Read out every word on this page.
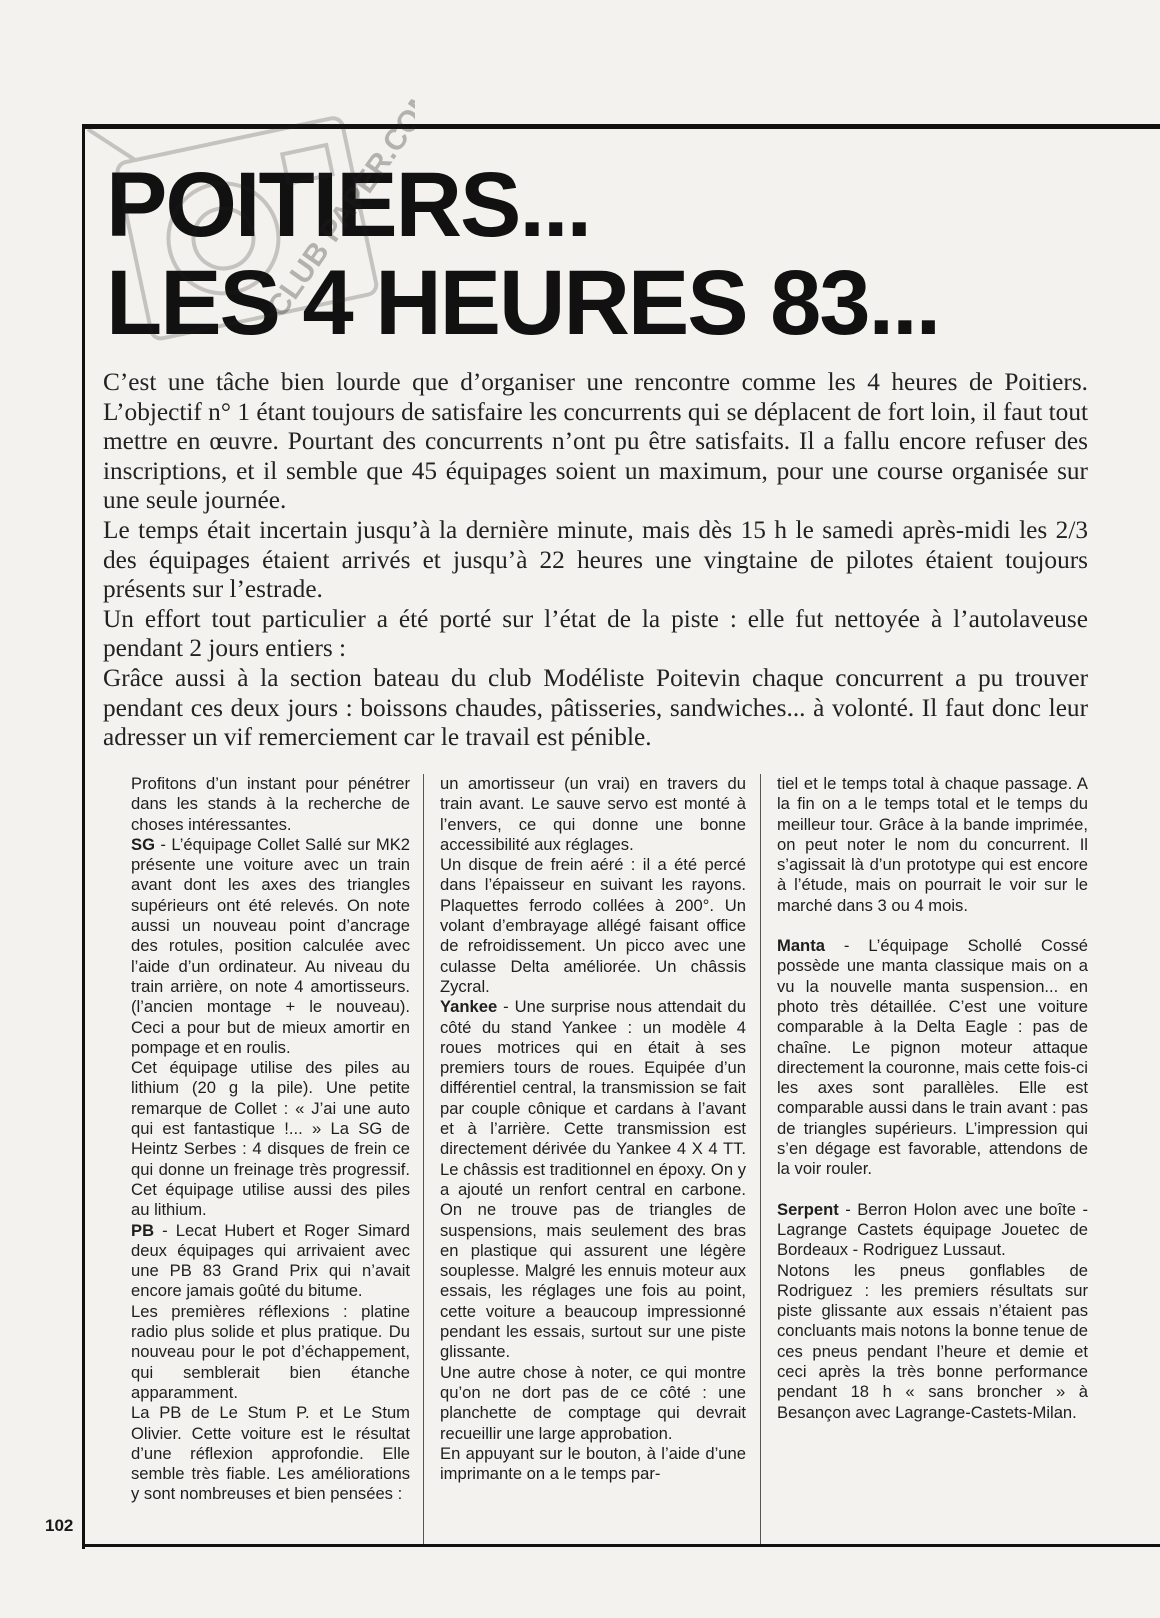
POITIERS...
LES 4 HEURES 83...
CLUB PAPER.COM

C’est une tâche bien lourde que d’organiser une rencontre comme les 4 heures de Poitiers. L’objectif n° 1 étant toujours de satisfaire les concurrents qui se déplacent de fort loin, il faut tout mettre en œuvre. Pourtant des concurrents n’ont pu être satisfaits. Il a fallu encore refuser des inscriptions, et il semble que 45 équipages soient un maximum, pour une course organisée sur une seule journée.

Le temps était incertain jusqu’à la dernière minute, mais dès 15 h le samedi après-midi les 2/3 des équipages étaient arrivés et jusqu’à 22 heures une vingtaine de pilotes étaient toujours présents sur l’estrade.

Un effort tout particulier a été porté sur l’état de la piste : elle fut nettoyée à l’autolaveuse pendant 2 jours entiers :

Grâce aussi à la section bateau du club Modéliste Poitevin chaque concurrent a pu trouver pendant ces deux jours : boissons chaudes, pâtisseries, sandwiches... à volonté. Il faut donc leur adresser un vif remerciement car le travail est pénible.

Profitons d’un instant pour pénétrer dans les stands à la recherche de choses intéressantes.

SG - L’équipage Collet Sallé sur MK2 présente une voiture avec un train avant dont les axes des triangles supérieurs ont été relevés. On note aussi un nouveau point d’ancrage des rotules, position calculée avec l’aide d’un ordinateur. Au niveau du train arrière, on note 4 amortisseurs. (l’ancien montage + le nouveau). Ceci a pour but de mieux amortir en pompage et en roulis.

Cet équipage utilise des piles au lithium (20 g la pile). Une petite remarque de Collet : « J’ai une auto qui est fantastique !... » La SG de Heintz Serbes : 4 disques de frein ce qui donne un freinage très progressif. Cet équipage utilise aussi des piles au lithium.

PB - Lecat Hubert et Roger Simard deux équipages qui arrivaient avec une PB 83 Grand Prix qui n’avait encore jamais goûté du bitume.

Les premières réflexions : platine radio plus solide et plus pratique. Du nouveau pour le pot d’échappement, qui semblerait bien étanche apparamment.

La PB de Le Stum P. et Le Stum Olivier. Cette voiture est le résultat d’une réflexion approfondie. Elle semble très fiable. Les améliorations y sont nombreuses et bien pensées :

un amortisseur (un vrai) en travers du train avant. Le sauve servo est monté à l’envers, ce qui donne une bonne accessibilité aux réglages.

Un disque de frein aéré : il a été percé dans l’épaisseur en suivant les rayons. Plaquettes ferrodo collées à 200°. Un volant d’embrayage allégé faisant office de refroidissement. Un picco avec une culasse Delta améliorée. Un châssis Zycral.

Yankee - Une surprise nous attendait du côté du stand Yankee : un modèle 4 roues motrices qui en était à ses premiers tours de roues. Equipée d’un différentiel central, la transmission se fait par couple cônique et cardans à l’avant et à l’arrière. Cette transmission est directement dérivée du Yankee 4 X 4 TT. Le châssis est traditionnel en époxy. On y a ajouté un renfort central en carbone. On ne trouve pas de triangles de suspensions, mais seulement des bras en plastique qui assurent une légère souplesse. Malgré les ennuis moteur aux essais, les réglages une fois au point, cette voiture a beaucoup impressionné pendant les essais, surtout sur une piste glissante.

Une autre chose à noter, ce qui montre qu’on ne dort pas de ce côté : une planchette de comptage qui devrait recueillir une large approbation.

En appuyant sur le bouton, à l’aide d’une imprimante on a le temps par-

tiel et le temps total à chaque passage. A la fin on a le temps total et le temps du meilleur tour. Grâce à la bande imprimée, on peut noter le nom du concurrent. Il s’agissait là d’un prototype qui est encore à l’étude, mais on pourrait le voir sur le marché dans 3 ou 4 mois.

Manta - L’équipage Schollé Cossé possède une manta classique mais on a vu la nouvelle manta suspension... en photo très détaillée. C’est une voiture comparable à la Delta Eagle : pas de chaîne. Le pignon moteur attaque directement la couronne, mais cette fois-ci les axes sont parallèles. Elle est comparable aussi dans le train avant : pas de triangles supérieurs. L’impression qui s’en dégage est favorable, attendons de la voir rouler.

Serpent - Berron Holon avec une boîte - Lagrange Castets équipage Jouetec de Bordeaux - Rodriguez Lussaut.

Notons les pneus gonflables de Rodriguez : les premiers résultats sur piste glissante aux essais n’étaient pas concluants mais notons la bonne tenue de ces pneus pendant l’heure et demie et ceci après la très bonne performance pendant 18 h « sans broncher » à Besançon avec Lagrange-Castets-Milan.

102
